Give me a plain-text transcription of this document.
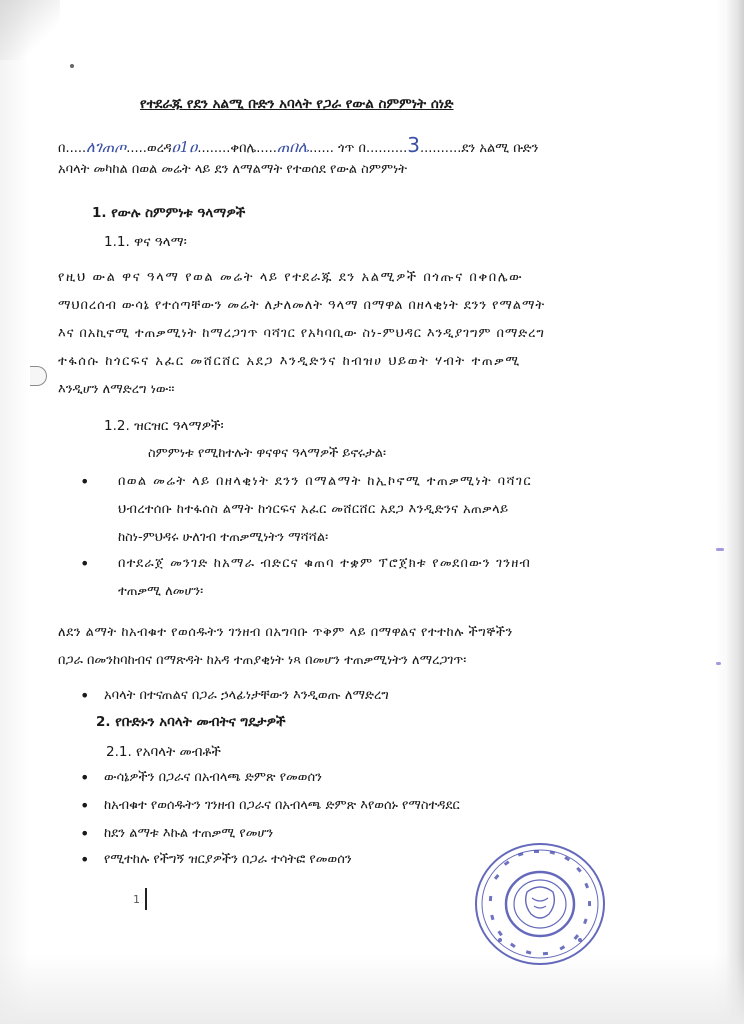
የተደራጁ የደን አልሚ ቡድን አባላት የጋራ የውል ስምምነት ሰነድ
በ.....ለገጠጦ.....ወረዳዐ1ዐ........ቀበሌ.....ጠበሌ...... ጎጥ በ..........3..........ደን አልሚ ቡድን
አባላት መካከል በወል መሬት ላይ ደን ለማልማት የተወሰደ የውል ስምምነት
1. የውሉ ስምምነቱ ዓላማዎች
1.1. ዋና ዓላማ፡
የዚህ ውል ዋና ዓላማ የወል መሬት ላይ የተደራጁ ደን አልሚዎች በጎጡና በቀበሌው
ማህበረሰብ ውሳኔ የተሰጣቸውን መሬት ለታለመለት ዓላማ በማዋል በዘላቂነት ደንን የማልማት
እና በአኪኖሚ ተጠቃሚነት ከማረጋገጥ ባሻገር የአካባቢው ስነ-ምህዳር እንዲያገግም በማድረግ
ተፋሰሱ ከጎርፍና አፈር መሸርሸር አደጋ እንዲድንና ከብዝሀ ህይወት ሃብት ተጠቃሚ
እንዲሆን ለማድረግ ነው፡፡
1.2. ዝርዝር ዓላማዎች፡
ስምምነቱ የሚከተሉት ዋናዋና ዓላማዎች ይኖሩታል፡
• በወል መሬት ላይ በዘላቂነት ደንን በማልማት ከኢኮኖሚ ተጠቃሚነት ባሻገር
ህብረተሰቡ ከተፋሰስ ልማት ከጎርፍና አፈር መሸርሸር አደጋ እንዲድንና አጠቃላይ
ከስነ-ምህዳሩ ሁለገብ ተጠቃሚነትን ማሻሻል፡
• በተደራጀ መንገድ ከአማራ ብድርና ቁጠባ ተቋም ፕሮጀክቱ የመደበውን ገንዘብ
ተጠቃሚ ለመሆን፡
ለደን ልማት ከአብቁተ የወሰዱትን ገንዘብ በአግባቡ ጥቅም ላይ በማዋልና የተተከሉ ችግኞችን
በጋራ በመንከባከብና በማጽዳት ከአዳ ተጠያቂነት ነጻ በመሆን ተጠቃሚነትን ለማረጋገጥ፡
• አባላት በተናጠልና በጋራ ኃላፊነታቸውን እንዲወጡ ለማድረግ
2. የቡድኑን አባላት መብትና ግዴታዎች
2.1. የአባላት መብቶች
• ውሳኔዎችን በጋራና በአብላጫ ድምጽ የመወሰን
• ከአብቁተ የወሰዱትን ገንዘብ በጋራና በአብላጫ ድምጽ እየወሰኑ የማስተዳደር
• ከደን ልማቱ እኩል ተጠቃሚ የመሆን
• የሚተከሉ የችግኝ ዝርያዎችን በጋራ ተሳትፎ የመወሰን
1
